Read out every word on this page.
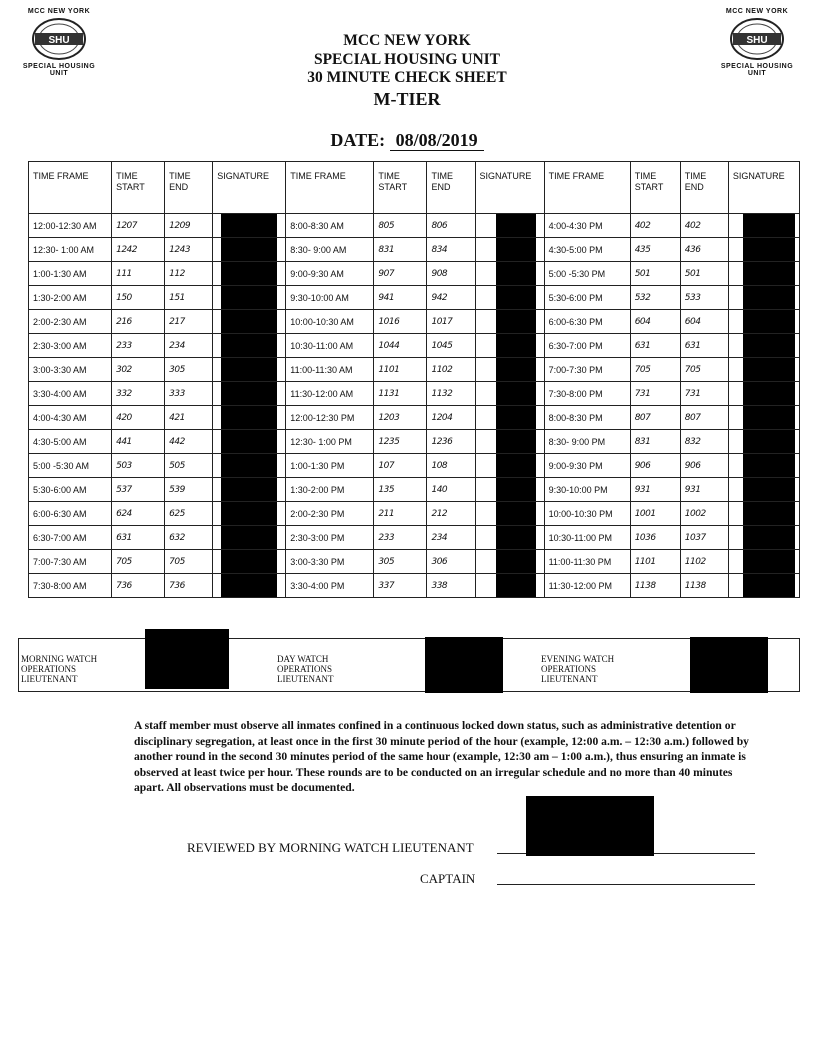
MCC NEW YORK
SHU
SPECIAL HOUSING UNIT
MCC NEW YORK
SHU
SPECIAL HOUSING UNIT
MCC NEW YORK
SPECIAL HOUSING UNIT
30 MINUTE CHECK SHEET
M-TIER
DATE: 08/08/2019
TIME FRAME	TIME START	TIME END	SIGNATURE	TIME FRAME	TIME START	TIME END	SIGNATURE	TIME FRAME	TIME START	TIME END	SIGNATURE
12:00-12:30 AM	1207	1209		8:00-8:30 AM	805	806		4:00-4:30 PM	402	402	

12:30- 1:00 AM	1242	1243		8:30- 9:00 AM	831	834		4:30-5:00 PM	435	436	

1:00-1:30 AM	111	112		9:00-9:30 AM	907	908		5:00 -5:30 PM	501	501	

1:30-2:00 AM	150	151		9:30-10:00 AM	941	942		5:30-6:00 PM	532	533	

2:00-2:30 AM	216	217		10:00-10:30 AM	1016	1017		6:00-6:30 PM	604	604	

2:30-3:00 AM	233	234		10:30-11:00 AM	1044	1045		6:30-7:00 PM	631	631	

3:00-3:30 AM	302	305		11:00-11:30 AM	1101	1102		7:00-7:30 PM	705	705	

3:30-4:00 AM	332	333		11:30-12:00 AM	1131	1132		7:30-8:00 PM	731	731	

4:00-4:30 AM	420	421		12:00-12:30 PM	1203	1204		8:00-8:30 PM	807	807	

4:30-5:00 AM	441	442		12:30- 1:00 PM	1235	1236		8:30- 9:00 PM	831	832	

5:00 -5:30 AM	503	505		1:00-1:30 PM	107	108		9:00-9:30 PM	906	906	

5:30-6:00 AM	537	539		1:30-2:00 PM	135	140		9:30-10:00 PM	931	931	

6:00-6:30 AM	624	625		2:00-2:30 PM	211	212		10:00-10:30 PM	1001	1002	

6:30-7:00 AM	631	632		2:30-3:00 PM	233	234		10:30-11:00 PM	1036	1037	

7:00-7:30 AM	705	705		3:00-3:30 PM	305	306		11:00-11:30 PM	1101	1102	

7:30-8:00 AM	736	736		3:30-4:00 PM	337	338		11:30-12:00 PM	1138	1138	
MORNING WATCH OPERATIONS LIEUTENANT
DAY WATCH OPERATIONS LIEUTENANT
EVENING WATCH OPERATIONS LIEUTENANT
A staff member must observe all inmates confined in a continuous locked down status, such as administrative detention or disciplinary segregation, at least once in the first 30 minute period of the hour (example, 12:00 a.m. – 12:30 a.m.) followed by another round in the second 30 minutes period of the same hour (example, 12:30 am – 1:00 a.m.), thus ensuring an inmate is observed at least twice per hour. These rounds are to be conducted on an irregular schedule and no more than 40 minutes apart. All observations must be documented.
REVIEWED BY MORNING WATCH LIEUTENANT
CAPTAIN
